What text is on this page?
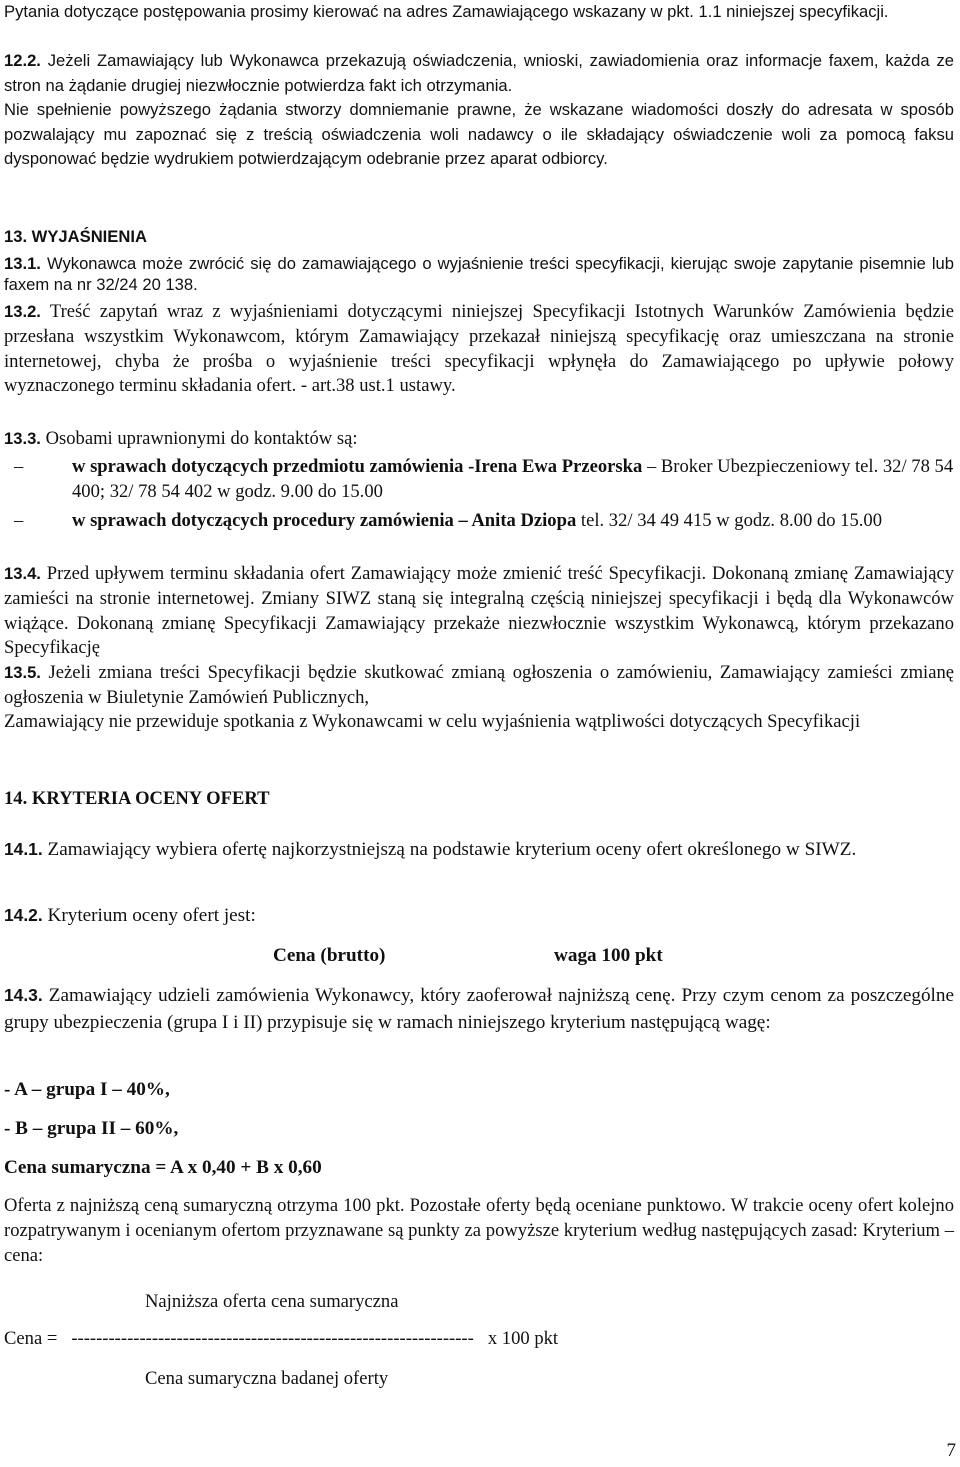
Pytania dotyczące postępowania prosimy kierować na adres Zamawiającego wskazany w pkt. 1.1 niniejszej specyfikacji.

12.2. Jeżeli Zamawiający lub Wykonawca przekazują oświadczenia, wnioski, zawiadomienia oraz informacje faxem, każda ze stron na żądanie drugiej niezwłocznie potwierdza fakt ich otrzymania.

Nie spełnienie powyższego żądania stworzy domniemanie prawne, że wskazane wiadomości doszły do adresata w sposób pozwalający mu zapoznać się z treścią oświadczenia woli nadawcy o ile składający oświadczenie woli za pomocą faksu dysponować będzie wydrukiem potwierdzającym odebranie przez aparat odbiorcy.

13. WYJAŚNIENIA

13.1. Wykonawca może zwrócić się do zamawiającego o wyjaśnienie treści specyfikacji, kierując swoje zapytanie pisemnie lub faxem na nr 32/24 20 138.

13.2. Treść zapytań wraz z wyjaśnieniami dotyczącymi niniejszej Specyfikacji Istotnych Warunków Zamówienia będzie przesłana wszystkim Wykonawcom, którym Zamawiający przekazał niniejszą specyfikację oraz umieszczana na stronie internetowej, chyba że prośba o wyjaśnienie treści specyfikacji wpłynęła do Zamawiającego po upływie połowy wyznaczonego terminu składania ofert. - art.38 ust.1 ustawy.

13.3. Osobami uprawnionymi do kontaktów są:

–	w sprawach dotyczących przedmiotu zamówienia -Irena Ewa Przeorska – Broker Ubezpieczeniowy tel. 32/ 78 54 400; 32/ 78 54 402 w godz. 9.00 do 15.00
–	w sprawach dotyczących procedury zamówienia – Anita Dziopa tel. 32/ 34 49 415 w godz. 8.00 do 15.00

13.4. Przed upływem terminu składania ofert Zamawiający może zmienić treść Specyfikacji. Dokonaną zmianę Zamawiający zamieści na stronie internetowej. Zmiany SIWZ staną się integralną częścią niniejszej specyfikacji i będą dla Wykonawców wiążące. Dokonaną zmianę Specyfikacji Zamawiający przekaże niezwłocznie wszystkim Wykonawcą, którym przekazano Specyfikację

13.5. Jeżeli zmiana treści Specyfikacji będzie skutkować zmianą ogłoszenia o zamówieniu, Zamawiający zamieści zmianę ogłoszenia w Biuletynie Zamówień Publicznych,

Zamawiający nie przewiduje spotkania z Wykonawcami w celu wyjaśnienia wątpliwości dotyczących Specyfikacji

14. KRYTERIA OCENY OFERT

14.1. Zamawiający wybiera ofertę najkorzystniejszą na podstawie kryterium oceny ofert określonego w SIWZ.

14.2. Kryterium oceny ofert jest:

Cena (brutto)	waga 100 pkt

14.3. Zamawiający udzieli zamówienia Wykonawcy, który zaoferował najniższą cenę. Przy czym cenom za poszczególne grupy ubezpieczenia (grupa I i II) przypisuje się w ramach niniejszego kryterium następującą wagę:

- A – grupa I – 40%,

- B – grupa II – 60%,

Cena sumaryczna = A x 0,40 + B x 0,60

Oferta z najniższą ceną sumaryczną otrzyma 100 pkt. Pozostałe oferty będą oceniane punktowo. W trakcie oceny ofert kolejno rozpatrywanym i ocenianym ofertom przyznawane są punkty za powyższe kryterium według następujących zasad: Kryterium – cena:

Najniższa oferta cena sumaryczna

Cena = ----------------------------------------------------------------- x 100 pkt

Cena sumaryczna badanej oferty

7
